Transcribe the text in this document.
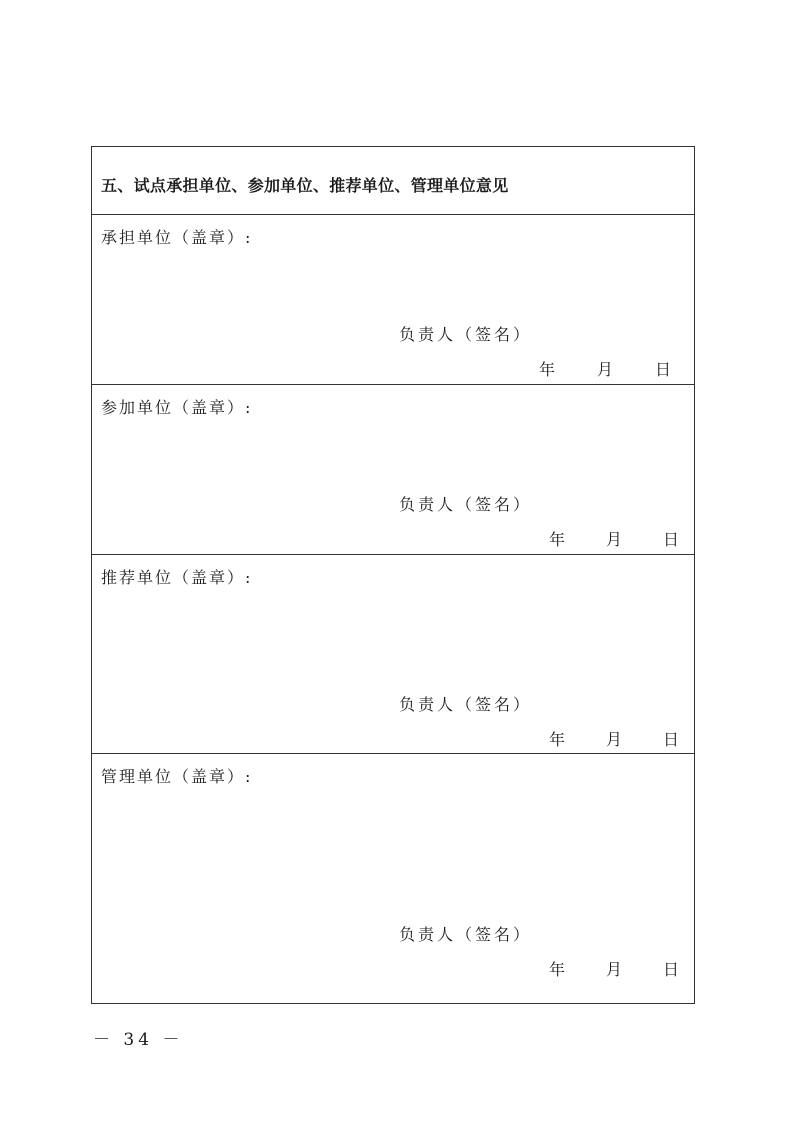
五、试点承担单位、参加单位、推荐单位、管理单位意见
承担单位（盖章）:
负责人（签名）
年	月	日
参加单位（盖章）:
负责人（签名）
年	月	日
推荐单位（盖章）:
负责人（签名）
年	月	日
管理单位（盖章）:
负责人（签名）
年	月	日
－ 34 －
